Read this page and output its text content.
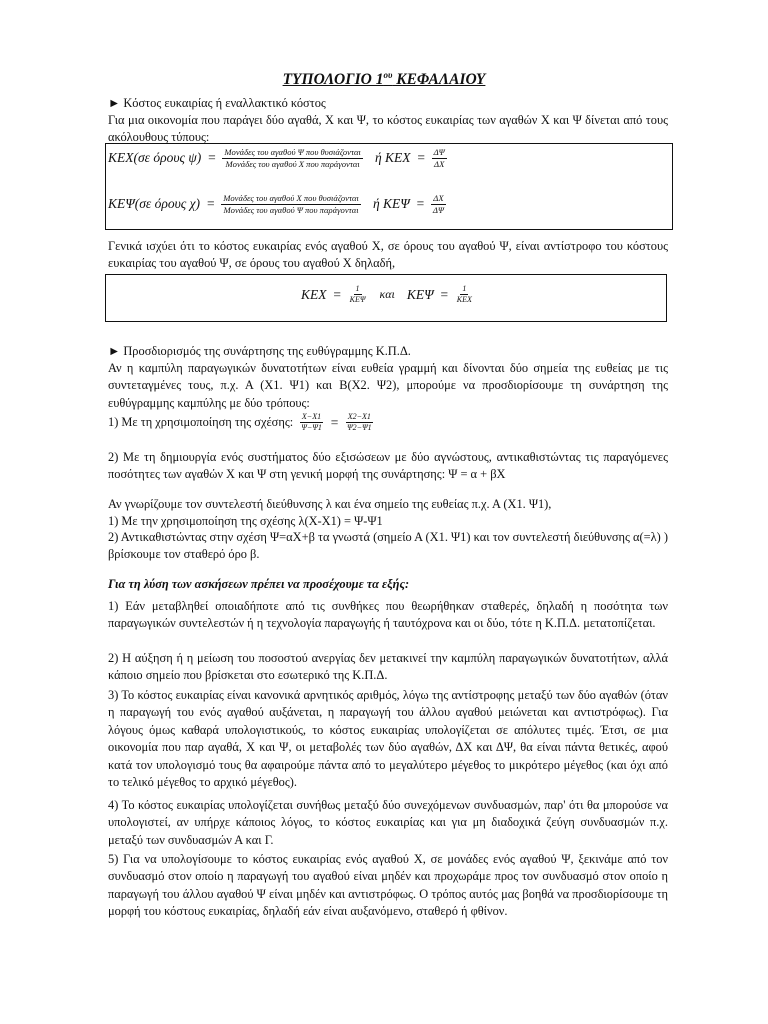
ΤΥΠΟΛΟΓΙΟ $1^{o\upsilon}$ ΚΕΦΑΛΑΙΟΥ
► Κόστος ευκαιρίας ή εναλλακτικό κόστος
Για μια οικονομία που παράγει δύο αγαθά, Χ και Ψ, το κόστος ευκαιρίας των αγαθών Χ και Ψ δίνεται από τους ακόλουθους τύπους:
ΚΕΧ(σε όρους $\psi) = \frac{\text{Μονάδες του αγαθού Ψ που θυσιάζονται}}{\text{Μονάδες του αγαθού Χ που παράγονται}}$ ή $KEX = \frac{\Delta\Psi}{\Delta X}$
ΚΕΨ(σε όρους $\chi) = \frac{\text{Μονάδες του αγαθού Χ που θυσιάζονται}}{\text{Μονάδες του αγαθού Ψ που παράγονται}}$ ή $KE\Psi = \frac{\Delta X}{\Delta\Psi}$
Γενικά ισχύει ότι το κόστος ευκαιρίας ενός αγαθού Χ, σε όρους του αγαθού Ψ, είναι αντίστροφο του κόστους ευκαιρίας του αγαθού Ψ, σε όρους του αγαθού Χ δηλαδή,
$KEX = \frac{1}{\text{ΚΕΨ}}$ και $KE\Psi = \frac{1}{\text{ΚΕΧ}}$
► Προσδιορισμός της συνάρτησης της ευθύγραμμης Κ.Π.Δ.
Αν η καμπύλη παραγωγικών δυνατοτήτων είναι ευθεία γραμμή και δίνονται δύο σημεία της ευθείας με τις συντεταγμένες τους, π.χ. Α (Χ1. Ψ1) και Β(Χ2. Ψ2), μπορούμε να προσδιορίσουμε τη συνάρτηση της ευθύγραμμης καμπύλης με δύο τρόπους:
1) Με τη χρησιμοποίηση της σχέσης: $\frac{X-X1}{\Psi-\Psi 1} = \frac{X2-X1}{\Psi 2-\Psi 1}$
2) Με τη δημιουργία ενός συστήματος δύο εξισώσεων με δύο αγνώστους, αντικαθιστώντας τις παραγόμενες ποσότητες των αγαθών Χ και Ψ στη γενική μορφή της συνάρτησης: Ψ = α + βΧ
Αν γνωρίζουμε τον συντελεστή διεύθυνσης λ και ένα σημείο της ευθείας π.χ. Α (Χ1. Ψ1),
1) Με την χρησιμοποίηση της σχέσης λ(Χ-Χ1) = Ψ-Ψ1
2) Αντικαθιστώντας στην σχέση Ψ=αΧ+β τα γνωστά (σημείο Α (Χ1. Ψ1) και τον συντελεστή διεύθυνσης α(=λ) ) βρίσκουμε τον σταθερό όρο β.
Για τη λύση των ασκήσεων πρέπει να προσέχουμε τα εξής:
1) Εάν μεταβληθεί οποιαδήποτε από τις συνθήκες που θεωρήθηκαν σταθερές, δηλαδή η ποσότητα των παραγωγικών συντελεστών ή η τεχνολογία παραγωγής ή ταυτόχρονα και οι δύο, τότε η Κ.Π.Δ. μετατοπίζεται.
2) Η αύξηση ή η μείωση του ποσοστού ανεργίας δεν μετακινεί την καμπύλη παραγωγικών δυνατοτήτων, αλλά κάποιο σημείο που βρίσκεται στο εσωτερικό της Κ.Π.Δ.
3) Το κόστος ευκαιρίας είναι κανονικά αρνητικός αριθμός, λόγω της αντίστροφης μεταξύ των δύο αγαθών (όταν η παραγωγή του ενός αγαθού αυξάνεται, η παραγωγή του άλλου αγαθού μειώνεται και αντιστρόφως). Για λόγους όμως καθαρά υπολογιστικούς, το κόστος ευκαιρίας υπολογίζεται σε απόλυτες τιμές. Έτσι, σε μια οικονομία που παρ αγαθά, Χ και Ψ, οι μεταβολές των δύο αγαθών, ΔΧ και ΔΨ, θα είναι πάντα θετικές, αφού κατά τον υπολογισμό τους θα αφαιρούμε πάντα από το μεγαλύτερο μέγεθος το μικρότερο μέγεθος (και όχι από το τελικό μέγεθος το αρχικό μέγεθος).
4) Το κόστος ευκαιρίας υπολογίζεται συνήθως μεταξύ δύο συνεχόμενων συνδυασμών, παρ' ότι θα μπορούσε να υπολογιστεί, αν υπήρχε κάποιος λόγος, το κόστος ευκαιρίας και για μη διαδοχικά ζεύγη συνδυασμών π.χ. μεταξύ των συνδυασμών Α και Γ.
5) Για να υπολογίσουμε το κόστος ευκαιρίας ενός αγαθού Χ, σε μονάδες ενός αγαθού Ψ, ξεκινάμε από τον συνδυασμό στον οποίο η παραγωγή του αγαθού είναι μηδέν και προχωράμε προς τον συνδυασμό στον οποίο η παραγωγή του άλλου αγαθού Ψ είναι μηδέν και αντιστρόφως. Ο τρόπος αυτός μας βοηθά να προσδιορίσουμε τη μορφή του κόστους ευκαιρίας, δηλαδή εάν είναι αυξανόμενο, σταθερό ή φθίνον.
